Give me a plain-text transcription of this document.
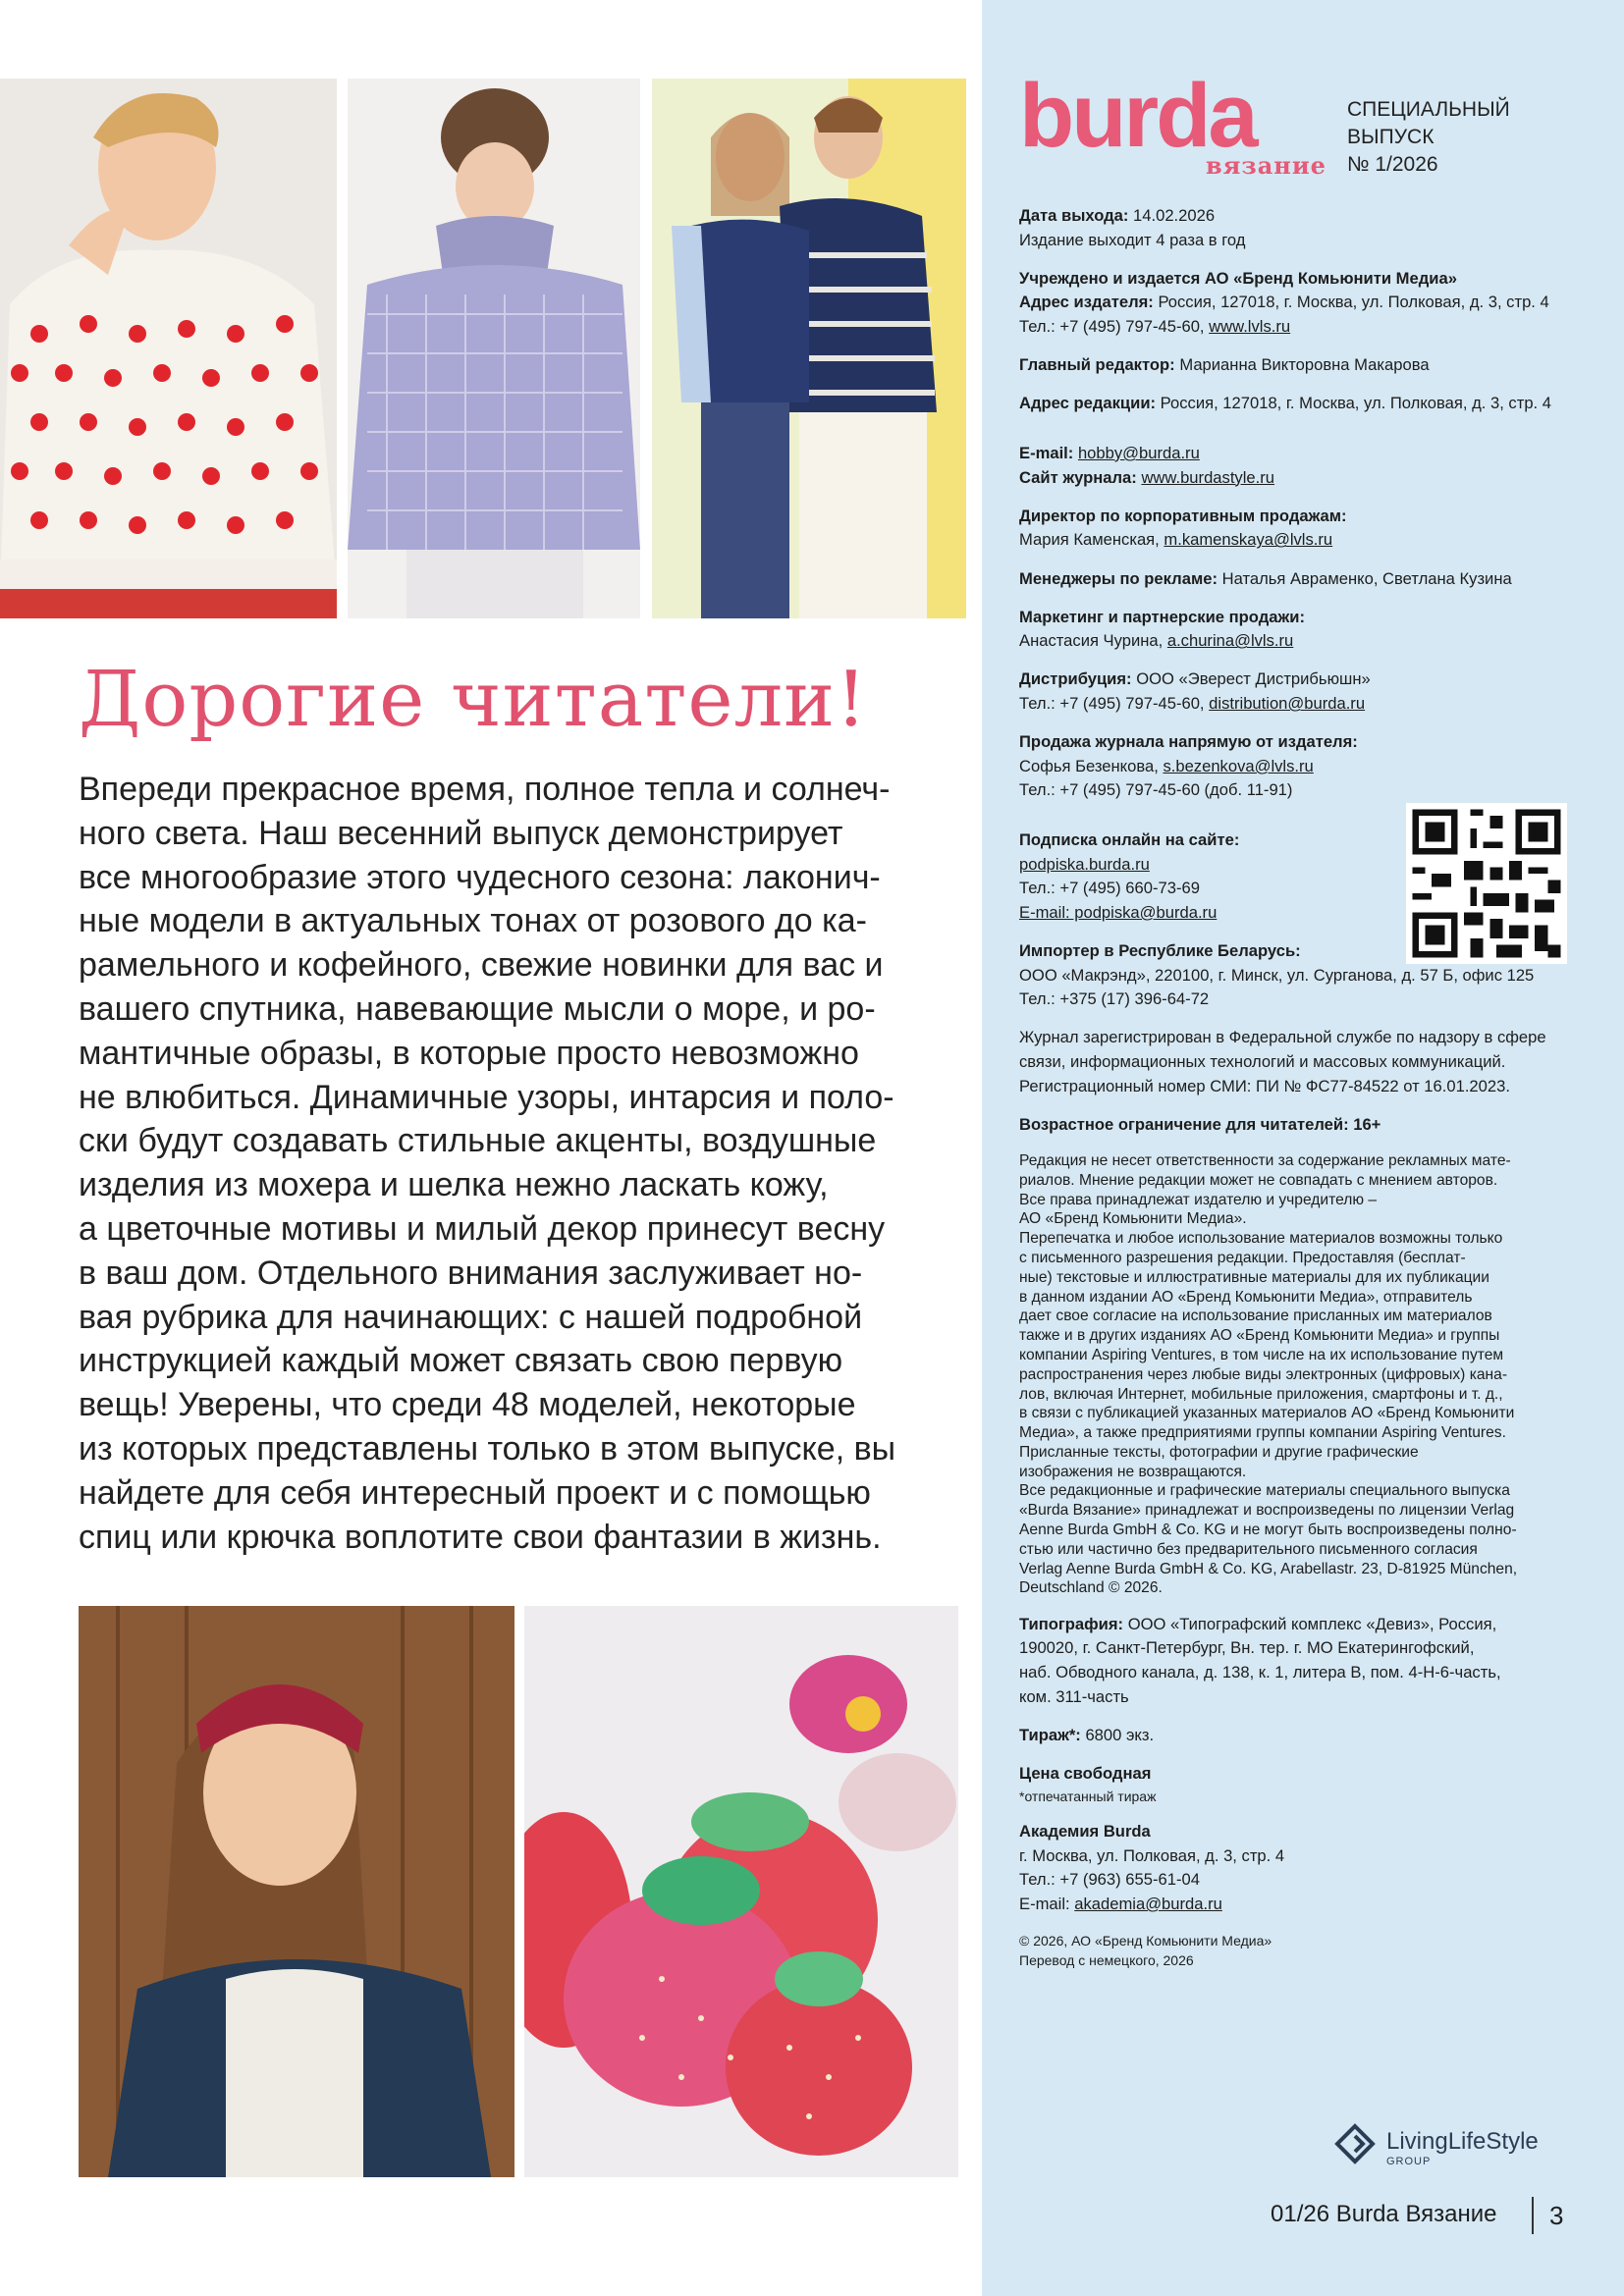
Дорогие читатели!
Впереди прекрасное время, полное тепла и солнеч-
ного света. Наш весенний выпуск демонстрирует
все многообразие этого чудесного сезона: лаконич-
ные модели в актуальных тонах от розового до ка-
рамельного и кофейного, свежие новинки для вас и
вашего спутника, навевающие мысли о море, и ро-
мантичные образы, в которые просто невозможно
не влюбиться. Динамичные узоры, интарсия и поло-
ски будут создавать стильные акценты, воздушные
изделия из мохера и шелка нежно ласкать кожу,
а цветочные мотивы и милый декор принесут весну
в ваш дом. Отдельного внимания заслуживает но-
вая рубрика для начинающих: с нашей подробной
инструкцией каждый может связать свою первую
вещь! Уверены, что среди 48 моделей, некоторые
из которых представлены только в этом выпуске, вы
найдете для себя интересный проект и с помощью
спиц или крючка воплотите свои фантазии в жизнь.
burda
вязание
СПЕЦИАЛЬНЫЙ
ВЫПУСК
№ 1/2026

Дата выхода: 14.02.2026
Издание выходит 4 раза в год

Учреждено и издается АО «Бренд Комьюнити Медиа»
Адрес издателя: Россия, 127018, г. Москва, ул. Полковая, д. 3, стр. 4
Тел.: +7 (495) 797-45-60, www.lvls.ru

Главный редактор: Марианна Викторовна Макарова

Адрес редакции: Россия, 127018, г. Москва, ул. Полковая, д. 3, стр. 4

E-mail: hobby@burda.ru
Сайт журнала: www.burdastyle.ru

Директор по корпоративным продажам:
Мария Каменская, m.kamenskaya@lvls.ru

Менеджеры по рекламе: Наталья Авраменко, Светлана Кузина

Маркетинг и партнерские продажи:
Анастасия Чурина, a.churina@lvls.ru

Дистрибуция: ООО «Эверест Дистрибьюшн»
Тел.: +7 (495) 797-45-60, distribution@burda.ru

Продажа журнала напрямую от издателя:
Софья Безенкова, s.bezenkova@lvls.ru
Тел.: +7 (495) 797-45-60 (доб. 11-91)

Подписка онлайн на сайте:
podpiska.burda.ru
Тел.: +7 (495) 660-73-69
E-mail: podpiska@burda.ru

Импортер в Республике Беларусь:
ООО «Макрэнд», 220100, г. Минск, ул. Сурганова, д. 57 Б, офис 125
Тел.: +375 (17) 396-64-72

Журнал зарегистрирован в Федеральной службе по надзору в сфере
связи, информационных технологий и массовых коммуникаций.
Регистрационный номер СМИ: ПИ № ФС77-84522 от 16.01.2023.

Возрастное ограничение для читателей: 16+

Редакция не несет ответственности за содержание рекламных мате-
риалов. Мнение редакции может не совпадать с мнением авторов.
Все права принадлежат издателю и учредителю –
АО «Бренд Комьюнити Медиа».
Перепечатка и любое использование материалов возможны только
с письменного разрешения редакции. Предоставляя (бесплат-
ные) текстовые и иллюстративные материалы для их публикации
в данном издании АО «Бренд Комьюнити Медиа», отправитель
дает свое согласие на использование присланных им материалов
также и в других изданиях АО «Бренд Комьюнити Медиа» и группы
компании Aspiring Ventures, в том числе на их использование путем
распространения через любые виды электронных (цифровых) кана-
лов, включая Интернет, мобильные приложения, смартфоны и т. д.,
в связи с публикацией указанных материалов АО «Бренд Комьюнити
Медиа», а также предприятиями группы компании Aspiring Ventures.
Присланные тексты, фотографии и другие графические
изображения не возвращаются.
Все редакционные и графические материалы специального выпуска
«Burda Вязание» принадлежат и воспроизведены по лицензии Verlag
Aenne Burda GmbH & Co. KG и не могут быть воспроизведены полно-
стью или частично без предварительного письменного согласия
Verlag Aenne Burda GmbH & Co. KG, Arabellastr. 23, D-81925 München,
Deutschland © 2026.

Типография: ООО «Типографский комплекс «Девиз», Россия,
190020, г. Санкт-Петербург, Вн. тер. г. МО Екатерингофский,
наб. Обводного канала, д. 138, к. 1, литера В, пом. 4-Н-6-часть,
ком. 311-часть

Тираж*: 6800 экз.

Цена свободная
*отпечатанный тираж

Академия Burda
г. Москва, ул. Полковая, д. 3, стр. 4
Тел.: +7 (963) 655-61-04
E-mail: akademia@burda.ru

© 2026, АО «Бренд Комьюнити Медиа»
Перевод с немецкого, 2026

LivingLifeStyle
GROUP
01/26 Burda Вязание 3
